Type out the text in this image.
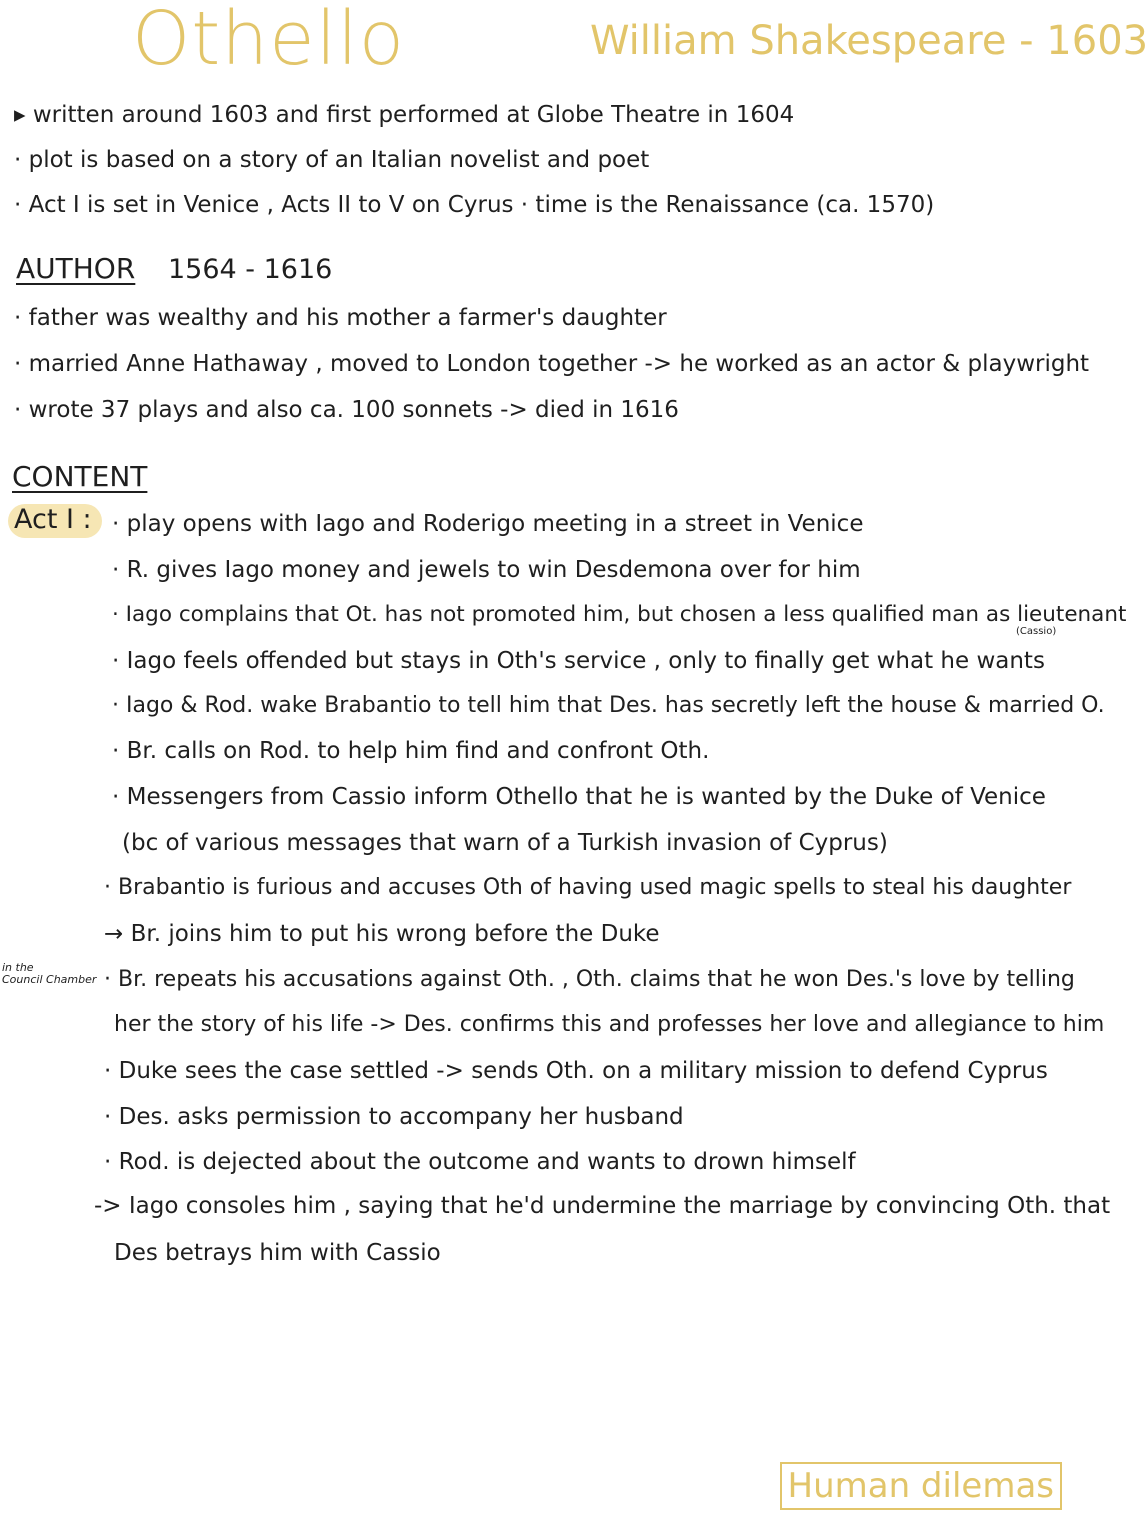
Othello	William Shakespeare - 1603
▸ written around 1603 and first performed at Globe Theatre in 1604
· plot is based on a story of an Italian novelist and poet
· Act I is set in Venice , Acts II to V on Cyrus · time is the Renaissance (ca. 1570)
AUTHOR 1564 - 1616
· father was wealthy and his mother a farmer's daughter
· married Anne Hathaway , moved to London together -> he worked as an actor & playwright
· wrote 37 plays and also ca. 100 sonnets -> died in 1616
CONTENT
Act I : · play opens with Iago and Roderigo meeting in a street in Venice
· R. gives Iago money and jewels to win Desdemona over for him
· Iago complains that Ot. has not promoted him, but chosen a less qualified man as lieutenant
(Cassio)
· Iago feels offended but stays in Oth's service , only to finally get what he wants
· Iago & Rod. wake Brabantio to tell him that Des. has secretly left the house & married O.
· Br. calls on Rod. to help him find and confront Oth.
· Messengers from Cassio inform Othello that he is wanted by the Duke of Venice
(bc of various messages that warn of a Turkish invasion of Cyprus)
· Brabantio is furious and accuses Oth of having used magic spells to steal his daughter
→ Br. joins him to put his wrong before the Duke
in the
Council Chamber · Br. repeats his accusations against Oth. , Oth. claims that he won Des.'s love by telling
her the story of his life -> Des. confirms this and professes her love and allegiance to him
· Duke sees the case settled -> sends Oth. on a military mission to defend Cyprus
· Des. asks permission to accompany her husband
· Rod. is dejected about the outcome and wants to drown himself
-> Iago consoles him , saying that he'd undermine the marriage by convincing Oth. that
Des betrays him with Cassio
Human dilemas
